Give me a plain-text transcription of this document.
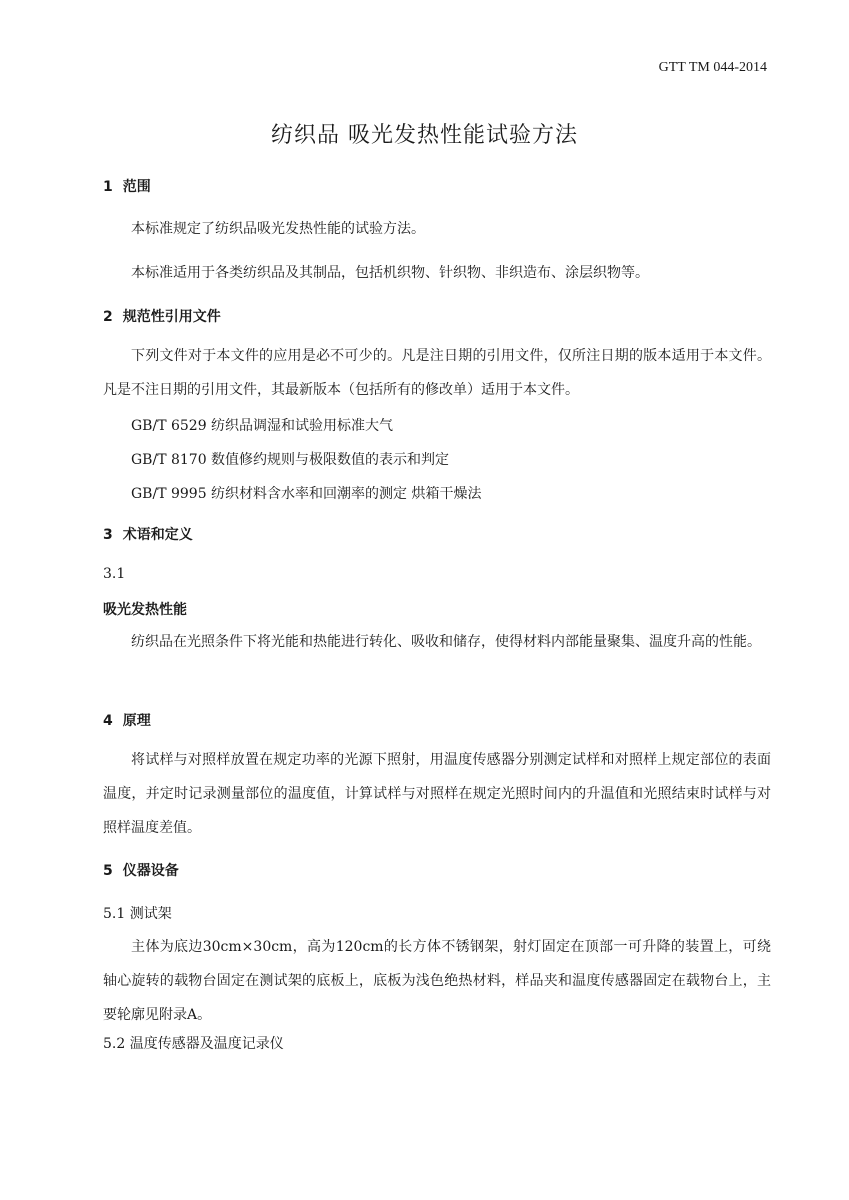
GTT TM 044-2014
纺织品 吸光发热性能试验方法
1 范围
本标准规定了纺织品吸光发热性能的试验方法。
本标准适用于各类纺织品及其制品，包括机织物、针织物、非织造布、涂层织物等。
2 规范性引用文件
下列文件对于本文件的应用是必不可少的。凡是注日期的引用文件，仅所注日期的版本适用于本文件。凡是不注日期的引用文件，其最新版本（包括所有的修改单）适用于本文件。
GB/T 6529 纺织品调湿和试验用标准大气
GB/T 8170 数值修约规则与极限数值的表示和判定
GB/T 9995 纺织材料含水率和回潮率的测定 烘箱干燥法
3 术语和定义
3.1
吸光发热性能
纺织品在光照条件下将光能和热能进行转化、吸收和储存，使得材料内部能量聚集、温度升高的性能。
4 原理
将试样与对照样放置在规定功率的光源下照射，用温度传感器分别测定试样和对照样上规定部位的表面温度，并定时记录测量部位的温度值，计算试样与对照样在规定光照时间内的升温值和光照结束时试样与对照样温度差值。
5 仪器设备
5.1 测试架
主体为底边30cm×30cm，高为120cm的长方体不锈钢架，射灯固定在顶部一可升降的装置上，可绕轴心旋转的载物台固定在测试架的底板上，底板为浅色绝热材料，样品夹和温度传感器固定在载物台上，主要轮廓见附录A。
5.2 温度传感器及温度记录仪
